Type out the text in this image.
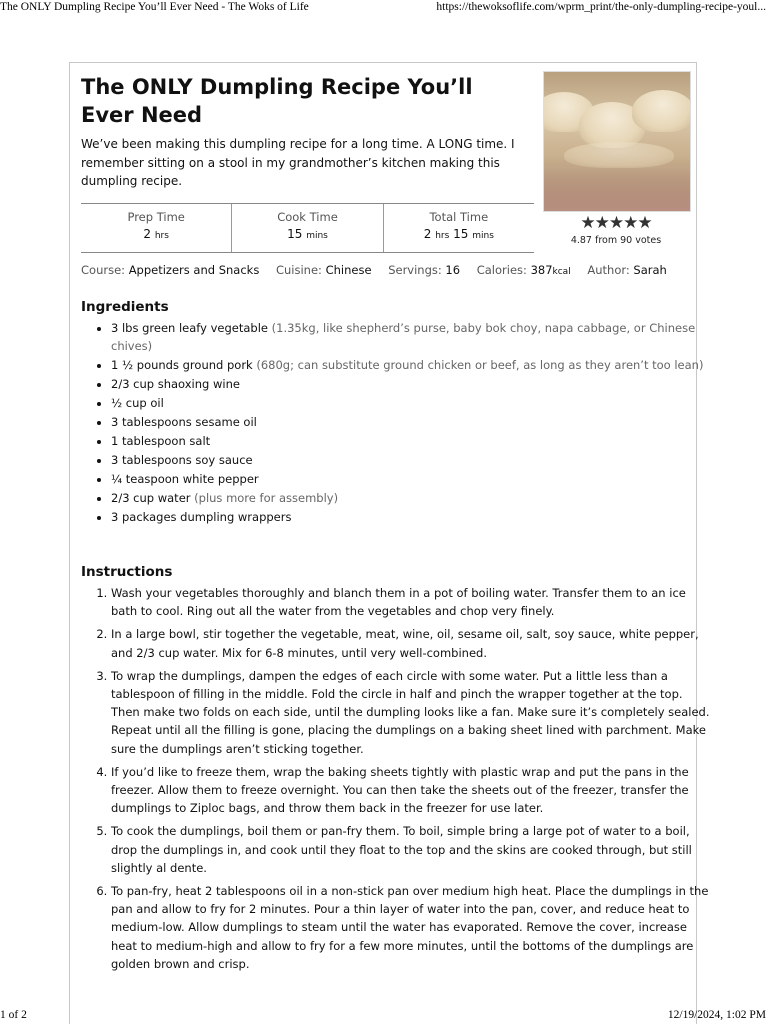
The ONLY Dumpling Recipe You’ll Ever Need - The Woks of Life	https://thewoksoflife.com/wprm_print/the-only-dumpling-recipe-youl...
The ONLY Dumpling Recipe You’ll Ever Need

We’ve been making this dumpling recipe for a long time. A LONG time. I remember sitting on a stool in my grandmother’s kitchen making this dumpling recipe.

★★★★★
4.87 from 90 votes
Prep Time
2 hrs
Cook Time
15 mins
Total Time
2 hrs 15 mins
Course: Appetizers and Snacks Cuisine: Chinese Servings: 16 Calories: 387kcal Author: Sarah
Ingredients
• 3 lbs green leafy vegetable (1.35kg, like shepherd’s purse, baby bok choy, napa cabbage, or Chinese chives)
• 1 ½ pounds ground pork (680g; can substitute ground chicken or beef, as long as they aren’t too lean)
• 2/3 cup shaoxing wine
• ½ cup oil
• 3 tablespoons sesame oil
• 1 tablespoon salt
• 3 tablespoons soy sauce
• ¼ teaspoon white pepper
• 2/3 cup water (plus more for assembly)
• 3 packages dumpling wrappers
Instructions
1. Wash your vegetables thoroughly and blanch them in a pot of boiling water. Transfer them to an ice bath to cool. Ring out all the water from the vegetables and chop very finely.
2. In a large bowl, stir together the vegetable, meat, wine, oil, sesame oil, salt, soy sauce, white pepper, and 2/3 cup water. Mix for 6-8 minutes, until very well-combined.
3. To wrap the dumplings, dampen the edges of each circle with some water. Put a little less than a tablespoon of filling in the middle. Fold the circle in half and pinch the wrapper together at the top. Then make two folds on each side, until the dumpling looks like a fan. Make sure it’s completely sealed. Repeat until all the filling is gone, placing the dumplings on a baking sheet lined with parchment. Make sure the dumplings aren’t sticking together.
4. If you’d like to freeze them, wrap the baking sheets tightly with plastic wrap and put the pans in the freezer. Allow them to freeze overnight. You can then take the sheets out of the freezer, transfer the dumplings to Ziploc bags, and throw them back in the freezer for use later.
5. To cook the dumplings, boil them or pan-fry them. To boil, simple bring a large pot of water to a boil, drop the dumplings in, and cook until they float to the top and the skins are cooked through, but still slightly al dente.
6. To pan-fry, heat 2 tablespoons oil in a non-stick pan over medium high heat. Place the dumplings in the pan and allow to fry for 2 minutes. Pour a thin layer of water into the pan, cover, and reduce heat to medium-low. Allow dumplings to steam until the water has evaporated. Remove the cover, increase heat to medium-high and allow to fry for a few more minutes, until the bottoms of the dumplings are golden brown and crisp.
1 of 2	12/19/2024, 1:02 PM
